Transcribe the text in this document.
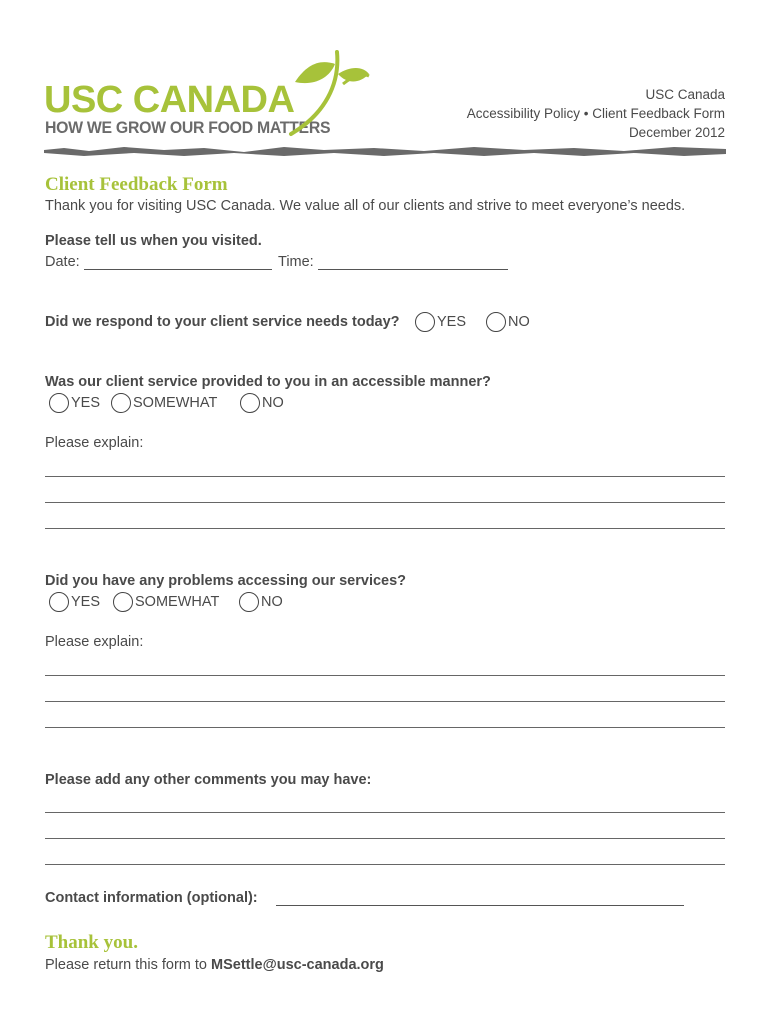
USC CANADA
HOW WE GROW OUR FOOD MATTERS
USC Canada
Accessibility Policy • Client Feedback Form
December 2012
Client Feedback Form
Thank you for visiting USC Canada. We value all of our clients and strive to meet everyone’s needs.
Please tell us when you visited.
Date:	Time:
Did we respond to your client service needs today?	YES	NO
Was our client service provided to you in an accessible manner?
YES SOMEWHAT	NO
Please explain:
Did you have any problems accessing our services?
YES SOMEWHAT	NO
Please explain:
Please add any other comments you may have:
Contact information (optional):
Thank you.
Please return this form to MSettle@usc-canada.org
